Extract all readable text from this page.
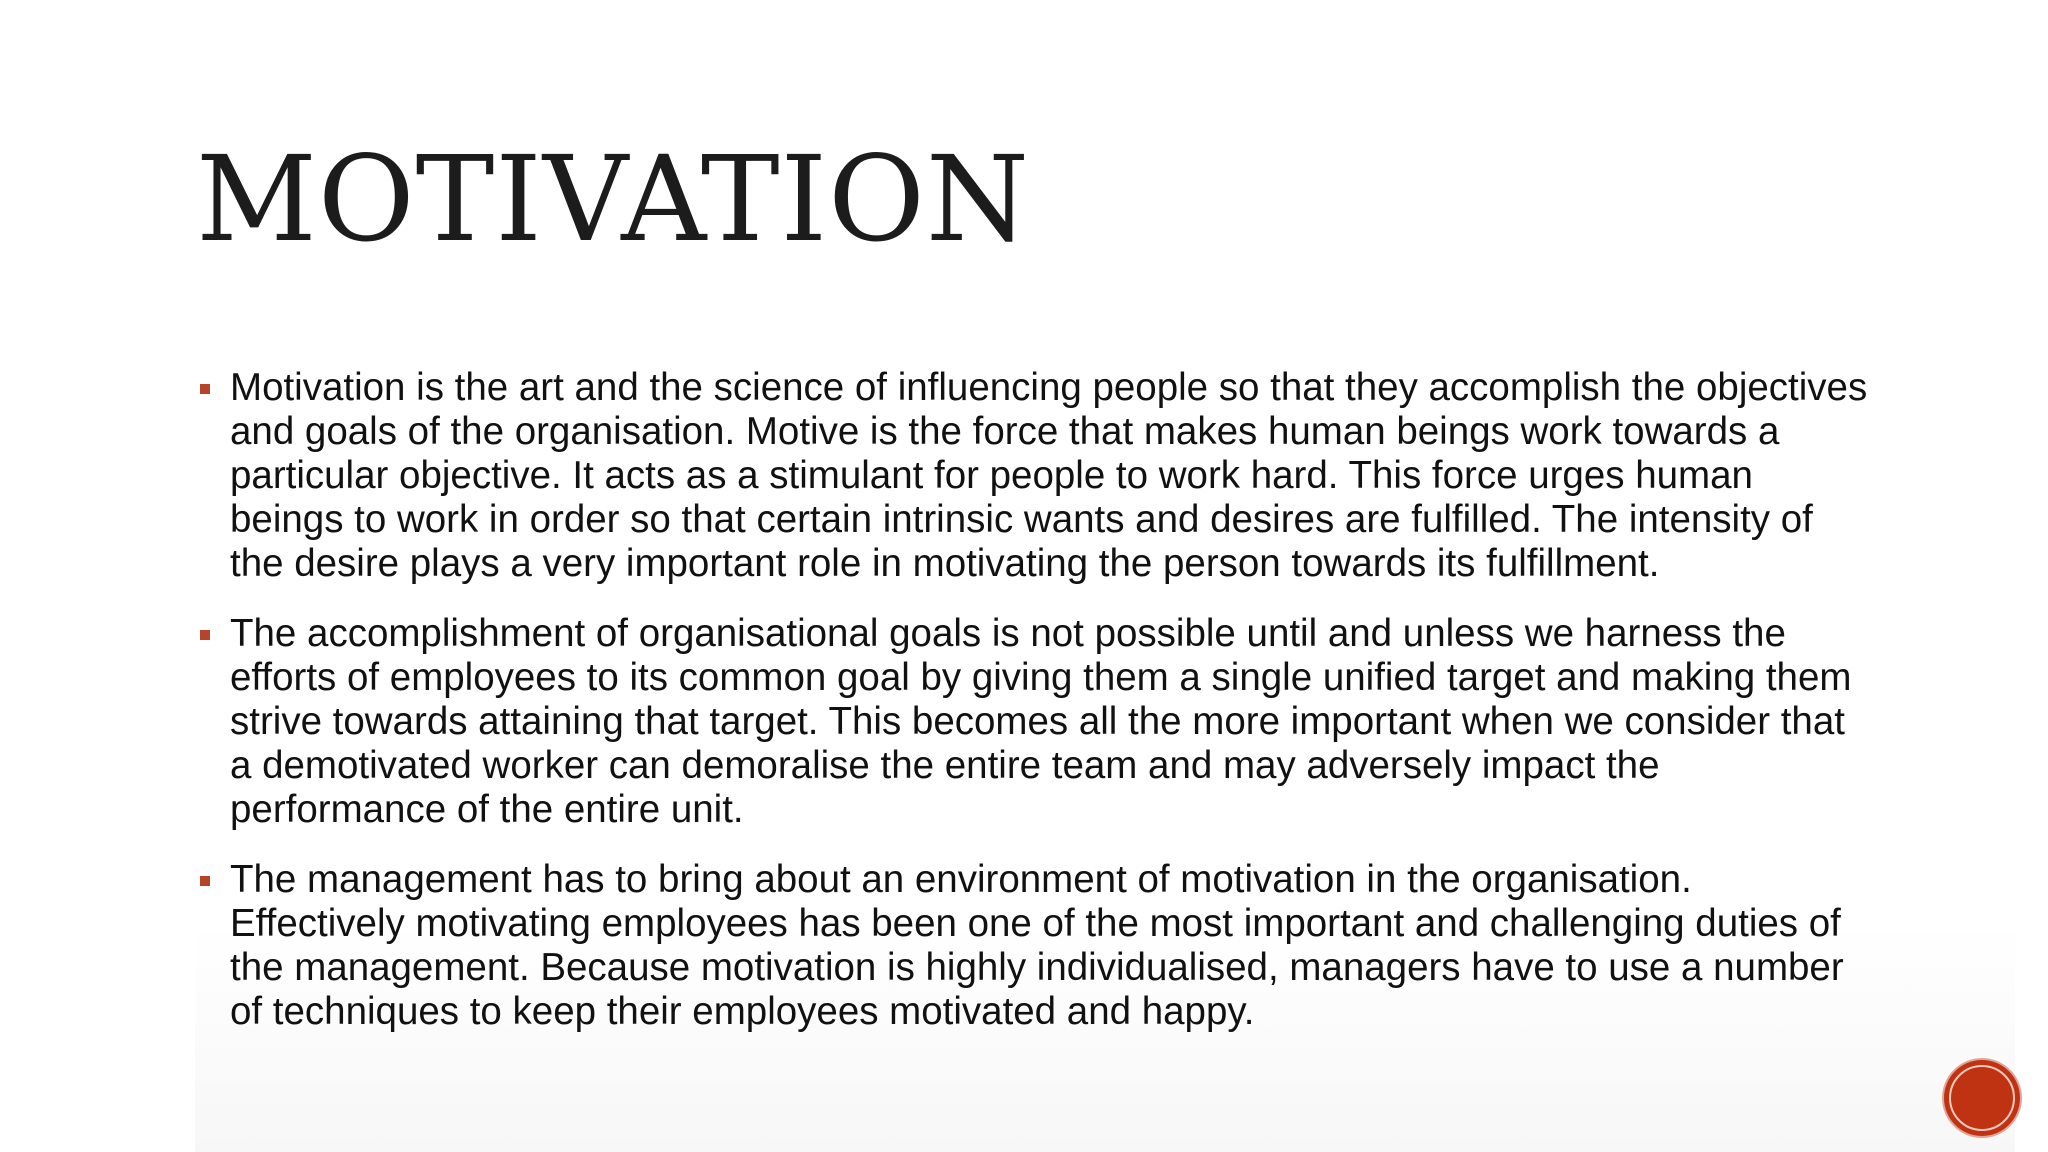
MOTIVATION
Motivation is the art and the science of influencing people so that they accomplish the objectives and goals of the organisation. Motive is the force that makes human beings work towards a particular objective. It acts as a stimulant for people to work hard. This force urges human beings to work in order so that certain intrinsic wants and desires are fulfilled. The intensity of the desire plays a very important role in motivating the person towards its fulfillment.
The accomplishment of organisational goals is not possible until and unless we harness the efforts of employees to its common goal by giving them a single unified target and making them strive towards attaining that target. This becomes all the more important when we consider that a demotivated worker can demoralise the entire team and may adversely impact the performance of the entire unit.
The management has to bring about an environment of motivation in the organisation. Effectively motivating employees has been one of the most important and challenging duties of the management. Because motivation is highly individualised, managers have to use a number of techniques to keep their employees motivated and happy.
